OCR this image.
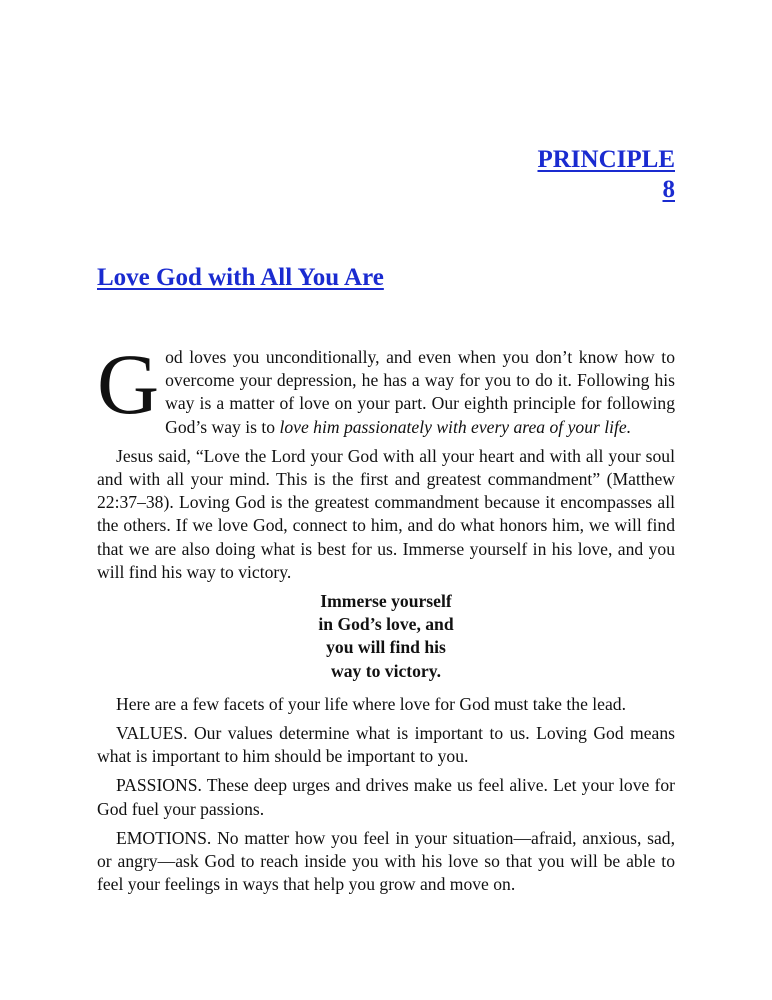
PRINCIPLE
8
Love God with All You Are

God loves you unconditionally, and even when you don’t know how to overcome your depression, he has a way for you to do it. Following his way is a matter of love on your part. Our eighth principle for following God’s way is to love him passionately with every area of your life.

Jesus said, “Love the Lord your God with all your heart and with all your soul and with all your mind. This is the first and greatest commandment” (Matthew 22:37–38). Loving God is the greatest commandment because it encompasses all the others. If we love God, connect to him, and do what honors him, we will find that we are also doing what is best for us. Immerse yourself in his love, and you will find his way to victory.

Immerse yourself
in God’s love, and
you will find his
way to victory.

Here are a few facets of your life where love for God must take the lead.

VALUES. Our values determine what is important to us. Loving God means what is important to him should be important to you.

PASSIONS. These deep urges and drives make us feel alive. Let your love for God fuel your passions.

EMOTIONS. No matter how you feel in your situation—afraid, anxious, sad, or angry—ask God to reach inside you with his love so that you will be able to feel your feelings in ways that help you grow and move on.
